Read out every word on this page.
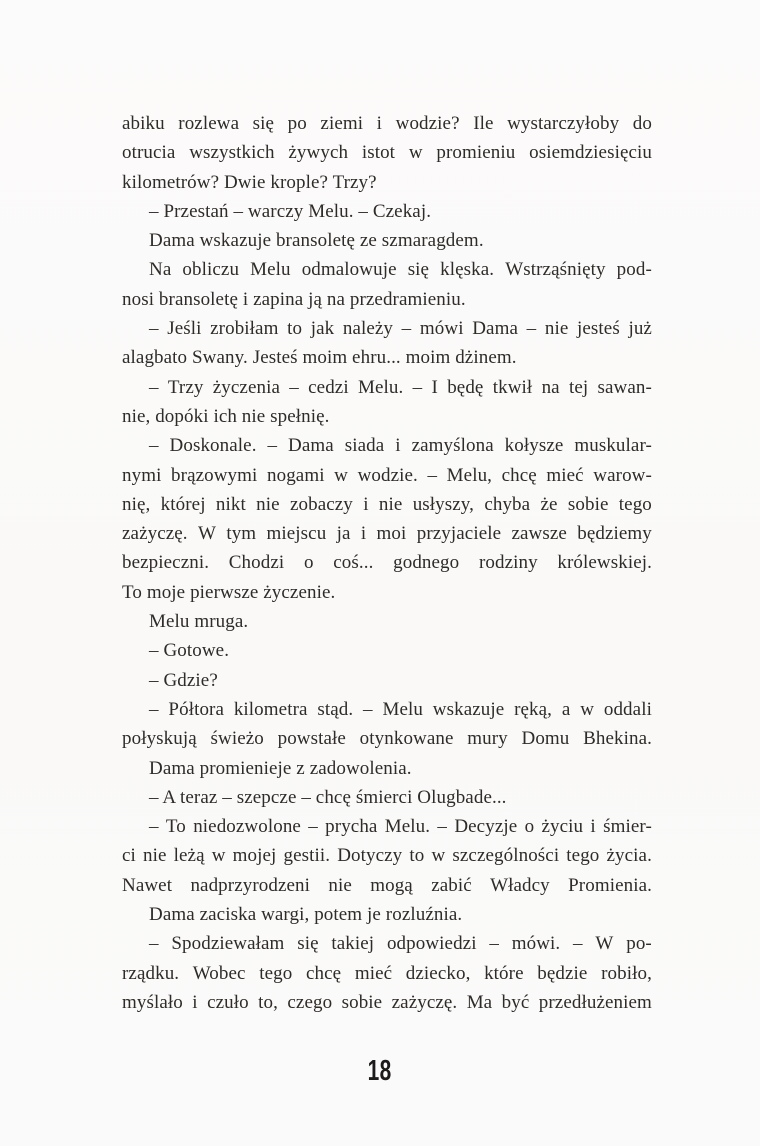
abiku rozlewa się po ziemi i wodzie? Ile wystarczyłoby do
otrucia wszystkich żywych istot w promieniu osiemdziesięciu
kilometrów? Dwie krople? Trzy?
– Przestań – warczy Melu. – Czekaj.
Dama wskazuje bransoletę ze szmaragdem.
Na obliczu Melu odmalowuje się klęska. Wstrząśnięty pod-
nosi bransoletę i zapina ją na przedramieniu.
– Jeśli zrobiłam to jak należy – mówi Dama – nie jesteś już
alagbato Swany. Jesteś moim ehru... moim dżinem.
– Trzy życzenia – cedzi Melu. – I będę tkwił na tej sawan-
nie, dopóki ich nie spełnię.
– Doskonale. – Dama siada i zamyślona kołysze muskular-
nymi brązowymi nogami w wodzie. – Melu, chcę mieć warow-
nię, której nikt nie zobaczy i nie usłyszy, chyba że sobie tego
zażyczę. W tym miejscu ja i moi przyjaciele zawsze będziemy
bezpieczni. Chodzi o coś... godnego rodziny królewskiej.
To moje pierwsze życzenie.
Melu mruga.
– Gotowe.
– Gdzie?
– Półtora kilometra stąd. – Melu wskazuje ręką, a w oddali
połyskują świeżo powstałe otynkowane mury Domu Bhekina.
Dama promienieje z zadowolenia.
– A teraz – szepcze – chcę śmierci Olugbade...
– To niedozwolone – prycha Melu. – Decyzje o życiu i śmier-
ci nie leżą w mojej gestii. Dotyczy to w szczególności tego życia.
Nawet nadprzyrodzeni nie mogą zabić Władcy Promienia.
Dama zaciska wargi, potem je rozluźnia.
– Spodziewałam się takiej odpowiedzi – mówi. – W po-
rządku. Wobec tego chcę mieć dziecko, które będzie robiło,
myślało i czuło to, czego sobie zażyczę. Ma być przedłużeniem
18
